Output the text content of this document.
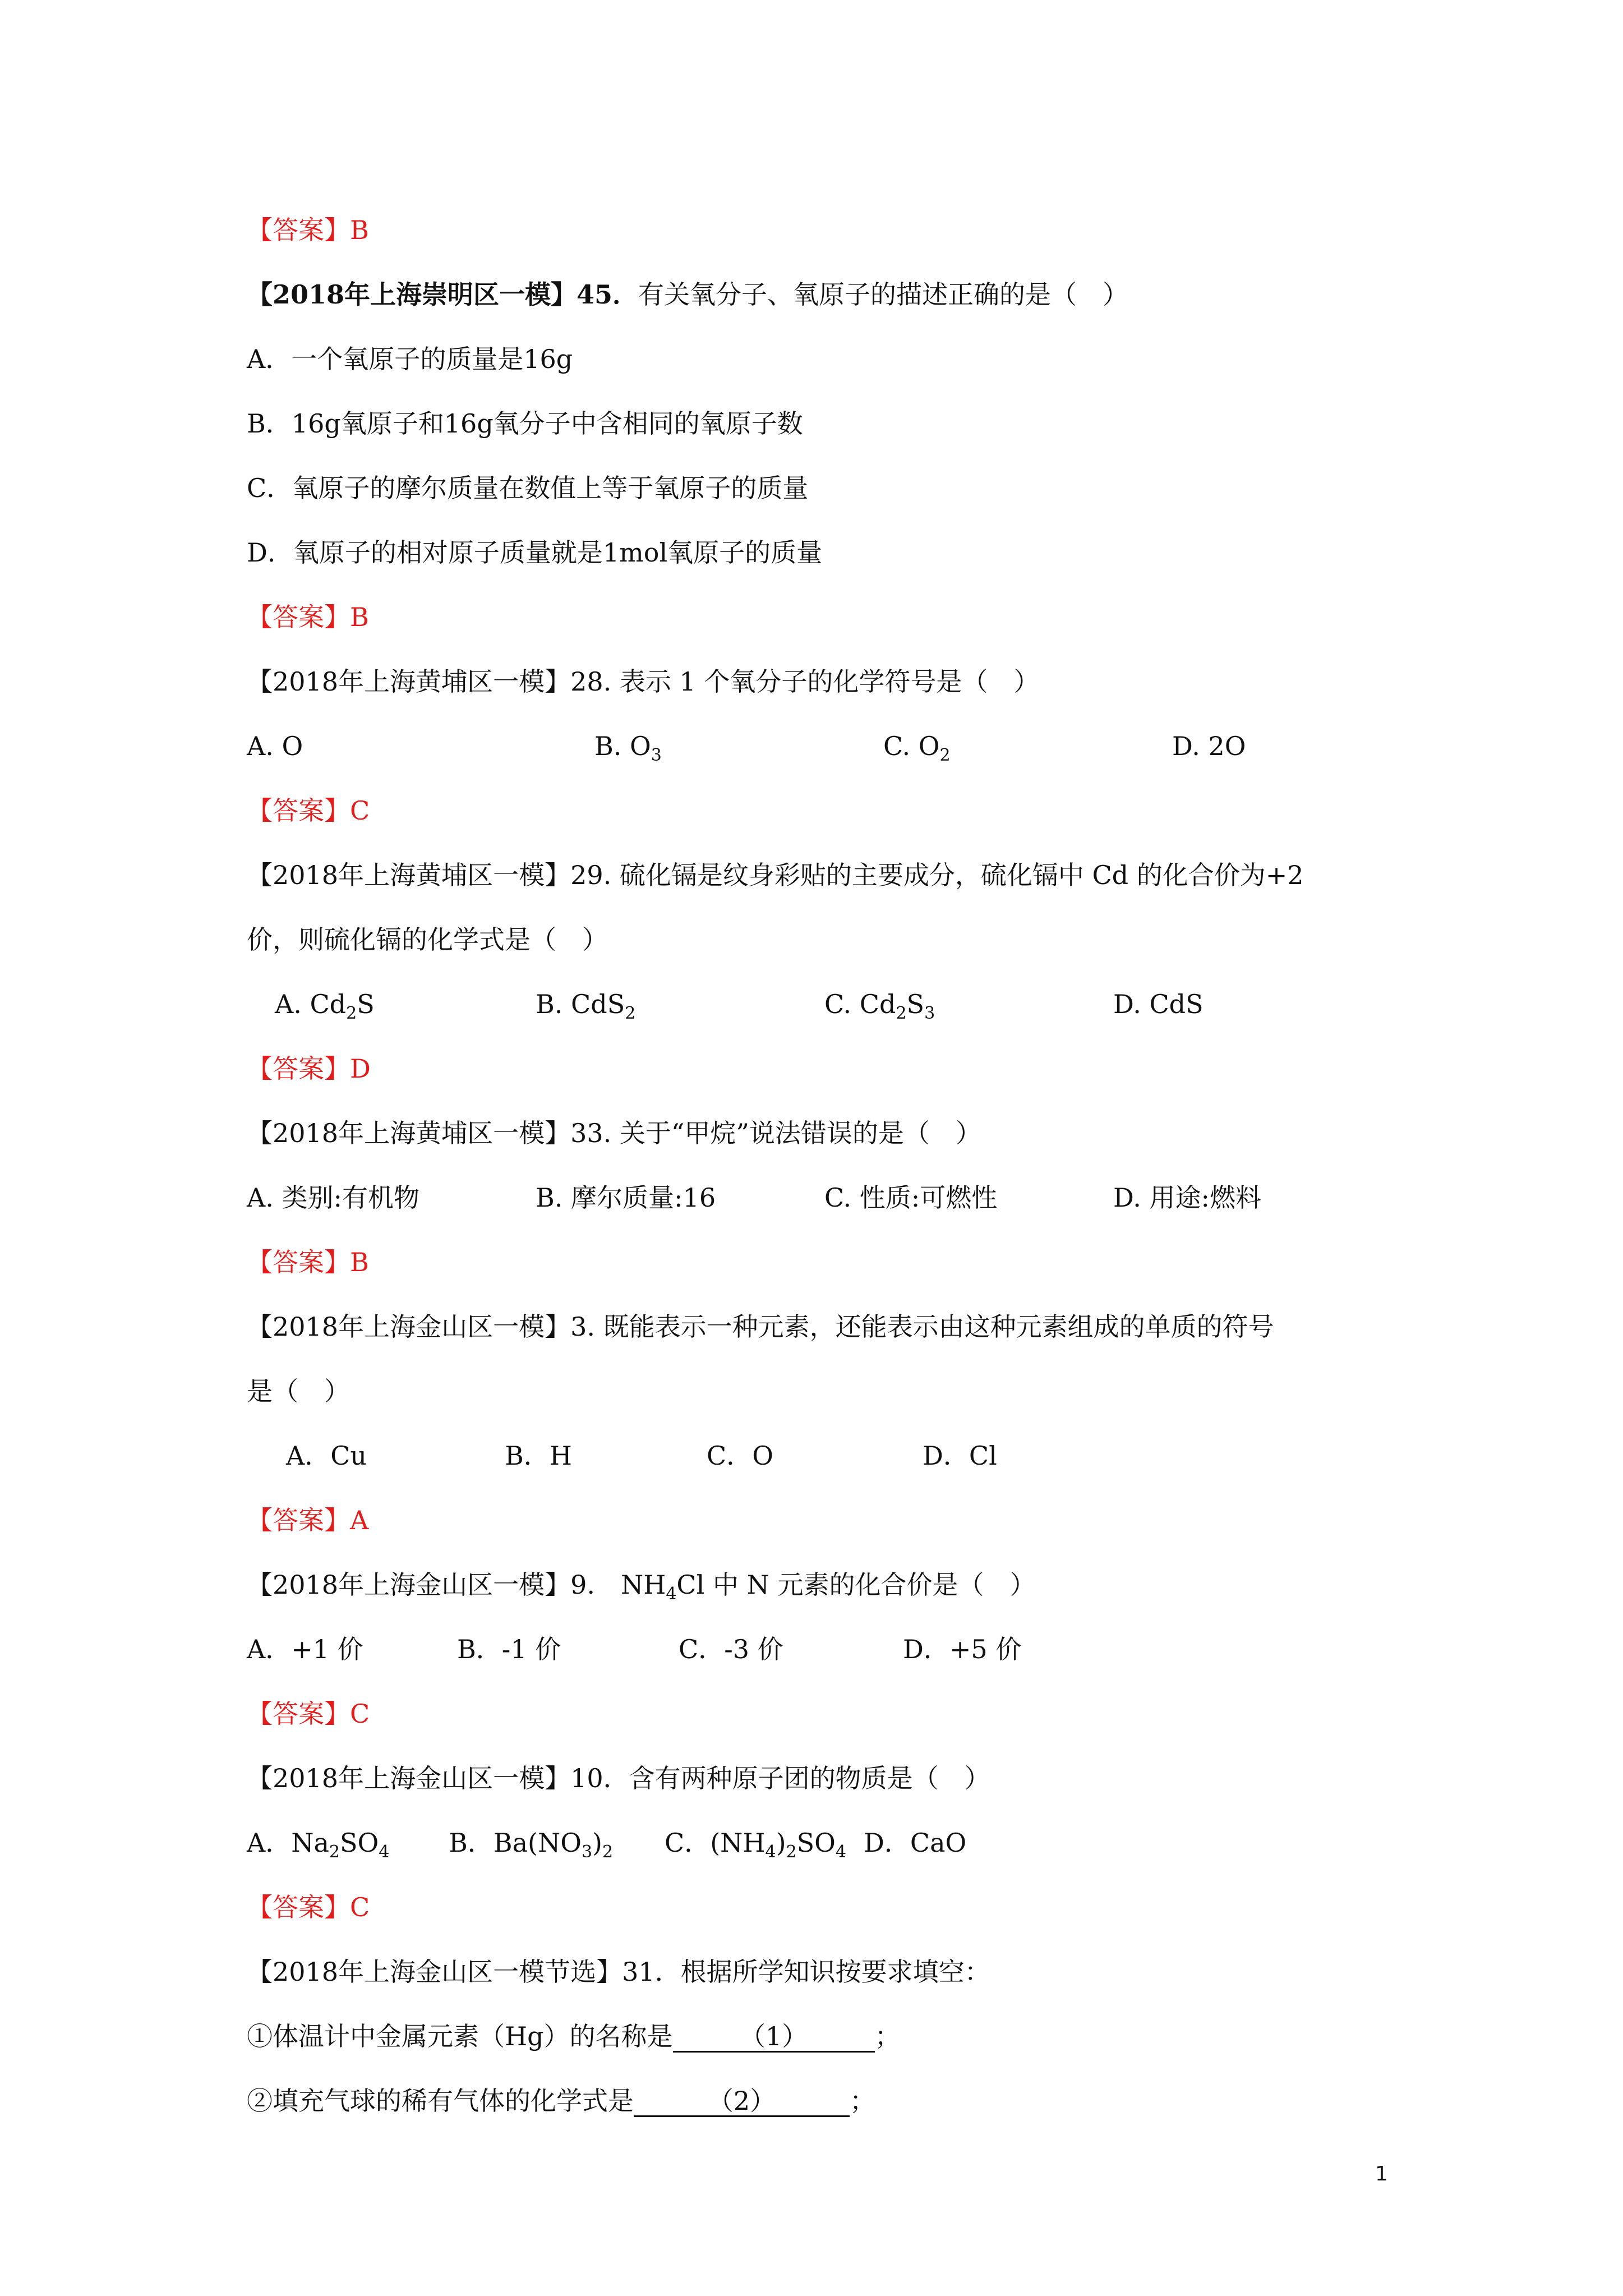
【答案】B
【2018年上海崇明区一模】45．有关氧分子、氧原子的描述正确的是（　）
A．一个氧原子的质量是16g
B．16g氧原子和16g氧分子中含相同的氧原子数
C．氧原子的摩尔质量在数值上等于氧原子的质量
D．氧原子的相对原子质量就是1mol氧原子的质量
【答案】B
【2018年上海黄埔区一模】28. 表示 1 个氧分子的化学符号是（　）
A. O	B. $O_3$	C. $O_2$	D. 2O
【答案】C
【2018年上海黄埔区一模】29. 硫化镉是纹身彩贴的主要成分，硫化镉中 Cd 的化合价为+2
价，则硫化镉的化学式是（　）
A. $Cd_2S$	B. CdS$_2$	C. $Cd_2S_3$	D. CdS
【答案】D
【2018年上海黄埔区一模】33. 关于“甲烷”说法错误的是（　）
A. 类别:有机物	B. 摩尔质量:16	C. 性质:可燃性	D. 用途:燃料
【答案】B
【2018年上海金山区一模】3. 既能表示一种元素，还能表示由这种元素组成的单质的符号
是（　）
A．Cu	B．H	C．O	D．Cl
【答案】A
【2018年上海金山区一模】9.　$NH_4Cl$ 中 N 元素的化合价是（　）
A．+1 价	B．-1 价	C．-3 价	D．+5 价
【答案】C
【2018年上海金山区一模】10．含有两种原子团的物质是（　）
A．$Na_2SO_4$ B．$Ba(NO_3)_2$ C．$(NH_4)_2SO_4$ D．CaO
【答案】C
【2018年上海金山区一模节选】31．根据所学知识按要求填空：
①体温计中金属元素（Hg）的名称是	（1）	；
②填充气球的稀有气体的化学式是	（2）	；
1
